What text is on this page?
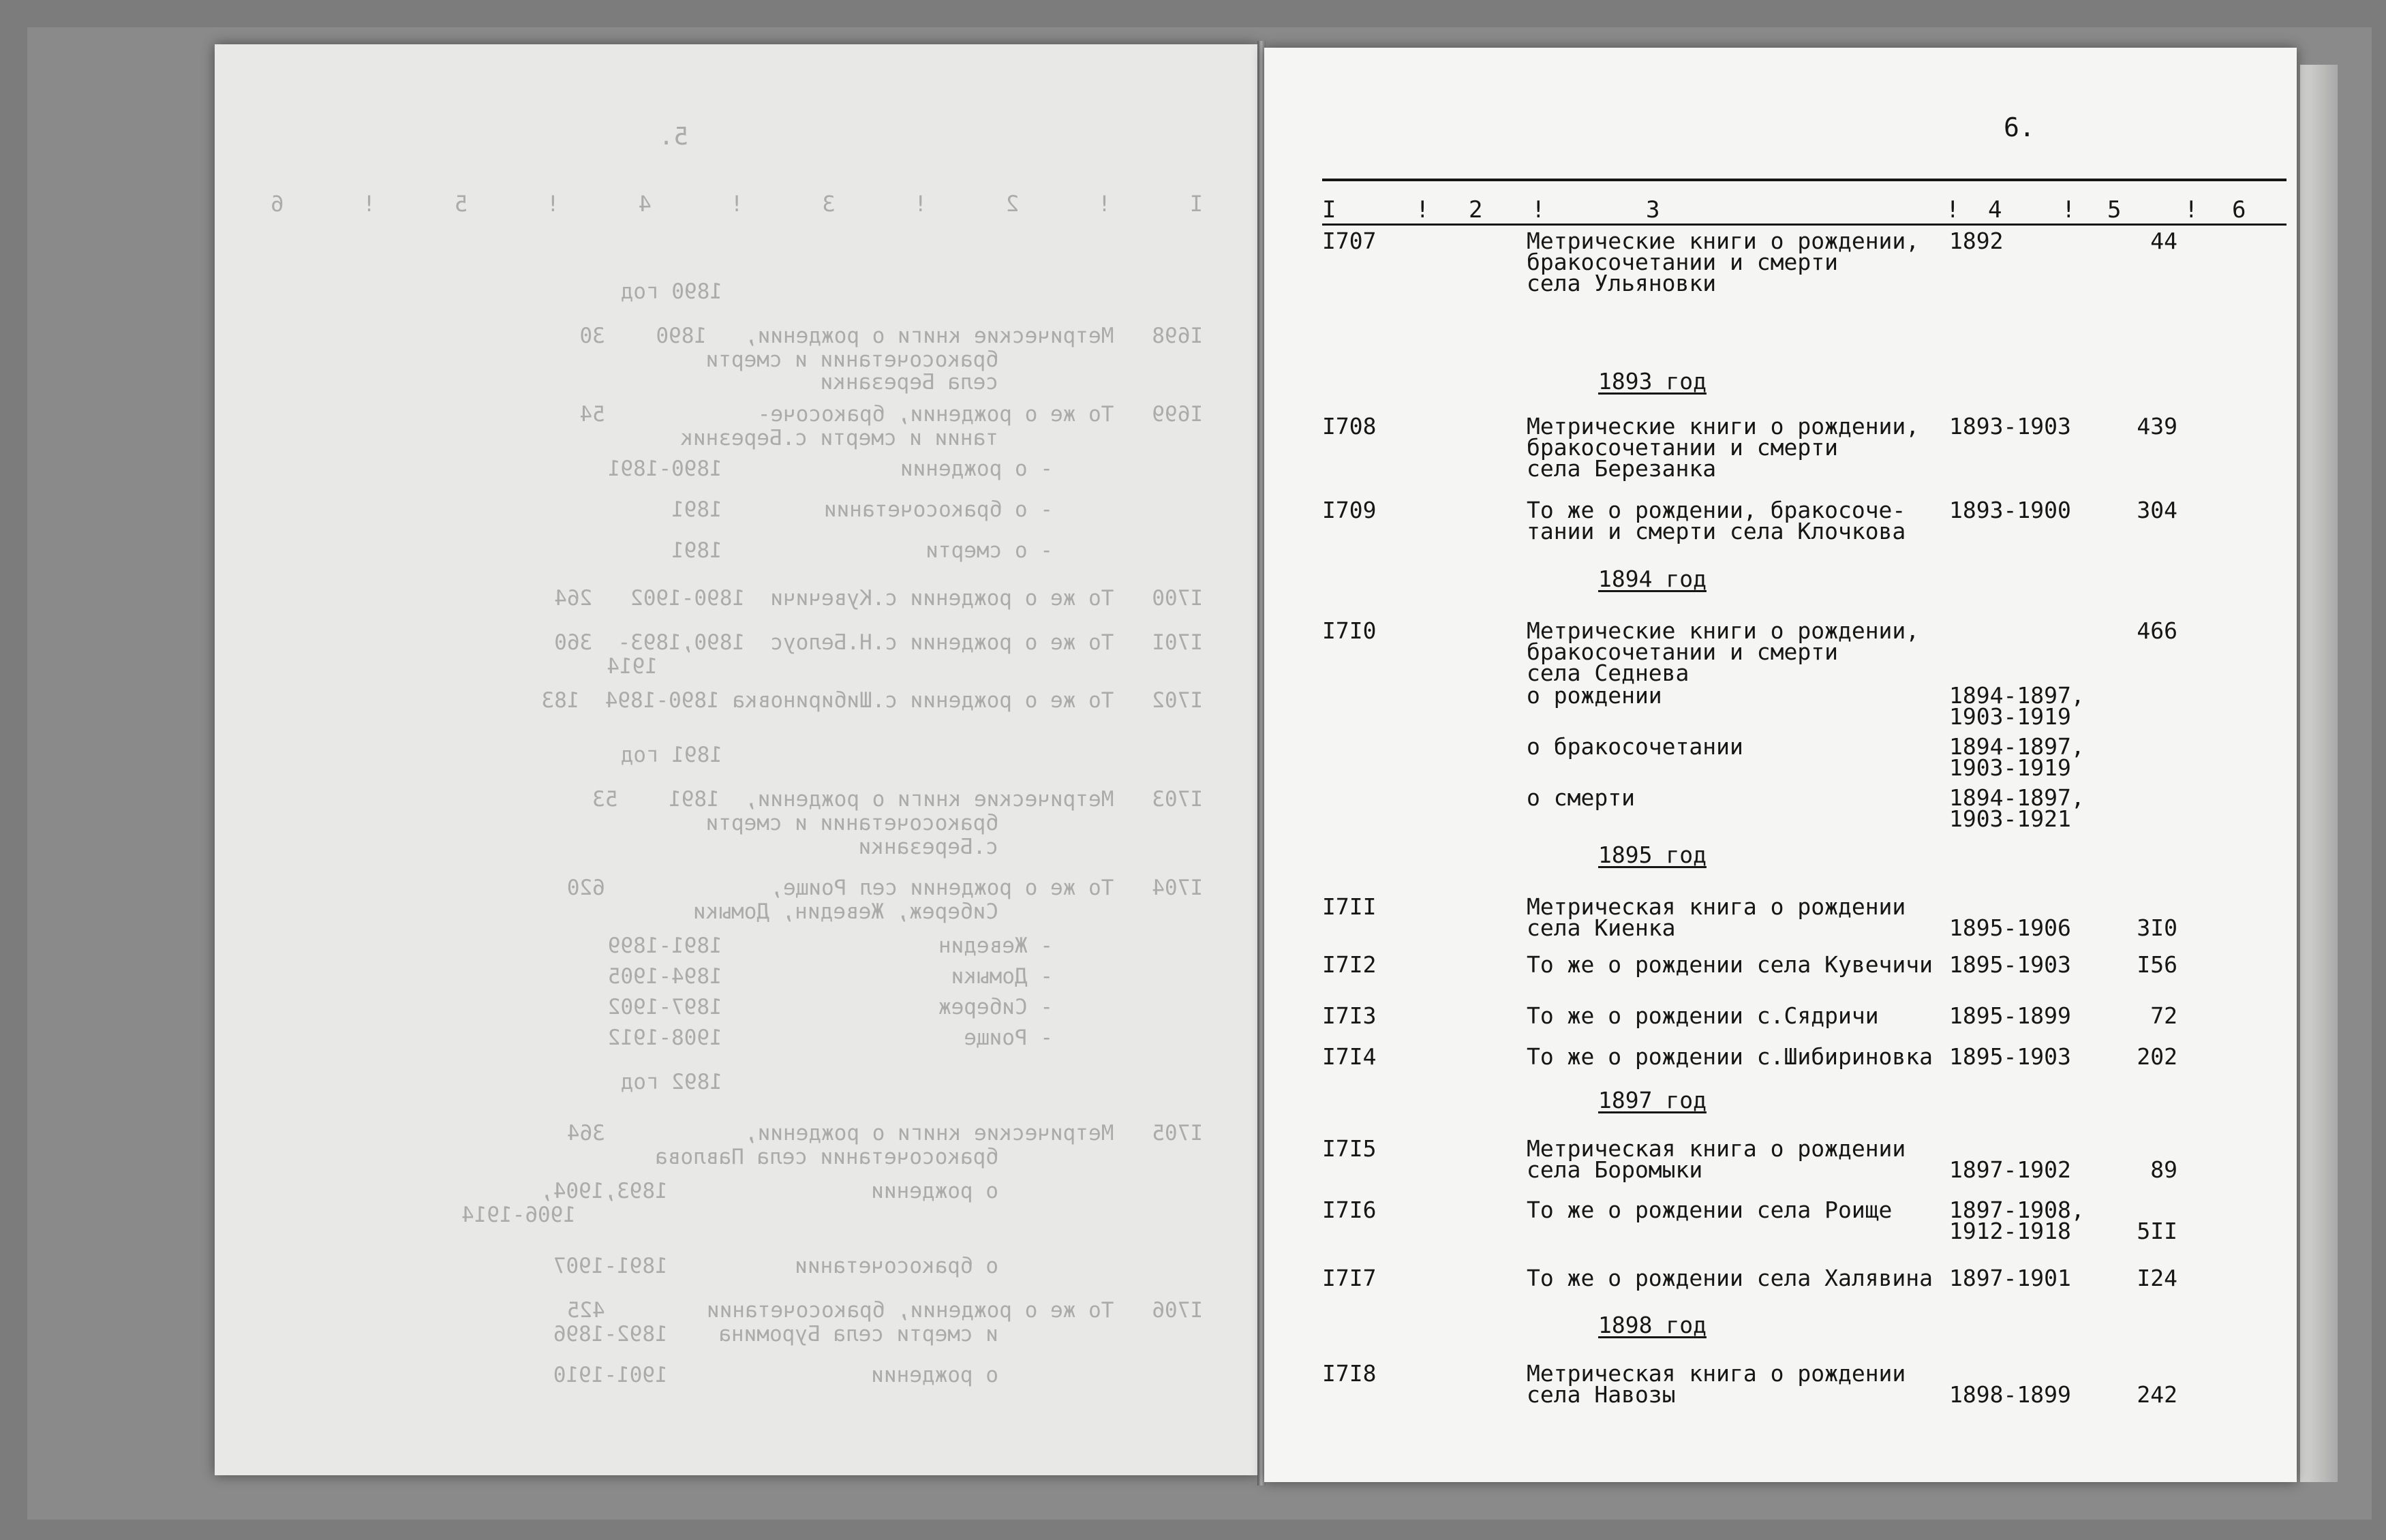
5.
I      !      2      !      3      !      4      !      5      !      6
1890 год
I698   Метрические книги о рождении,   1890    30
бракосочетании и смерти
села Березанки
I699   То же о рождении, бракосоче-            54
тании и смерти с.Березник
- о рождении              1890-1891
- о бракосочетании        1891
- о смерти                1891
I700   То же о рождении с.Кувечичи  1890-1902   264
I70I   То же о рождении с.Н.Белоус  1890,1893-  360
1914
I702   То же о рождении с.Шибириновка 1890-1894  183
1891 год
I703   Метрические книги о рождении,  1891    53
бракосочетании и смерти
с.Березанки
I704   То же о рождении сел Роище,             620
Сибереж, Жеведин, Домыки
- Жеведин                 1891-1899
- Домыки                  1894-1905
- Сибереж                 1897-1902
- Роище                   1908-1912
1892 год
I705   Метрические книги о рождении,           364
бракосочетании села Павлова
о рождении                1893,1904,
1906-1914
о бракосочетании          1891-1907
I706   То же о рождении, бракосочетании        425
и смерти села Буромина    1892-1896
о рождении                1901-1910
6.
I	! 2 !	3	! 4	! 5	! 6
I707	Метрические книги о рождении,
бракосочетании и смерти
села Ульяновки
1892	44
1893 год
I708	Метрические книги о рождении,
бракосочетании и смерти
села Березанка
1893-1903	439
I709	То же о рождении, бракосоче-
тании и смерти села Клочкова
1893-1900	304
1894 год
I7I0	Метрические книги о рождении,
бракосочетании и смерти
села Седнева
466
о рождении	1894-1897,
1903-1919
о бракосочетании	1894-1897,
1903-1919
о смерти	1894-1897,
1903-1921
1895 год
I7II	Метрическая книга о рождении
села Киенка	1895-1906	3I0
I7I2	То же о рождении села Кувечичи 1895-1903	I56
I7I3	То же о рождении с.Сядричи	1895-1899	72
I7I4	То же о рождении с.Шибириновка 1895-1903	202
1897 год
I7I5	Метрическая книга о рождении
села Боромыки	1897-1902	89
I7I6	То же о рождении села Роище	1897-1908,
1912-1918	5II
I7I7	То же о рождении села Халявина 1897-1901	I24
1898 год
I7I8	Метрическая книга о рождении
села Навозы	1898-1899	242
